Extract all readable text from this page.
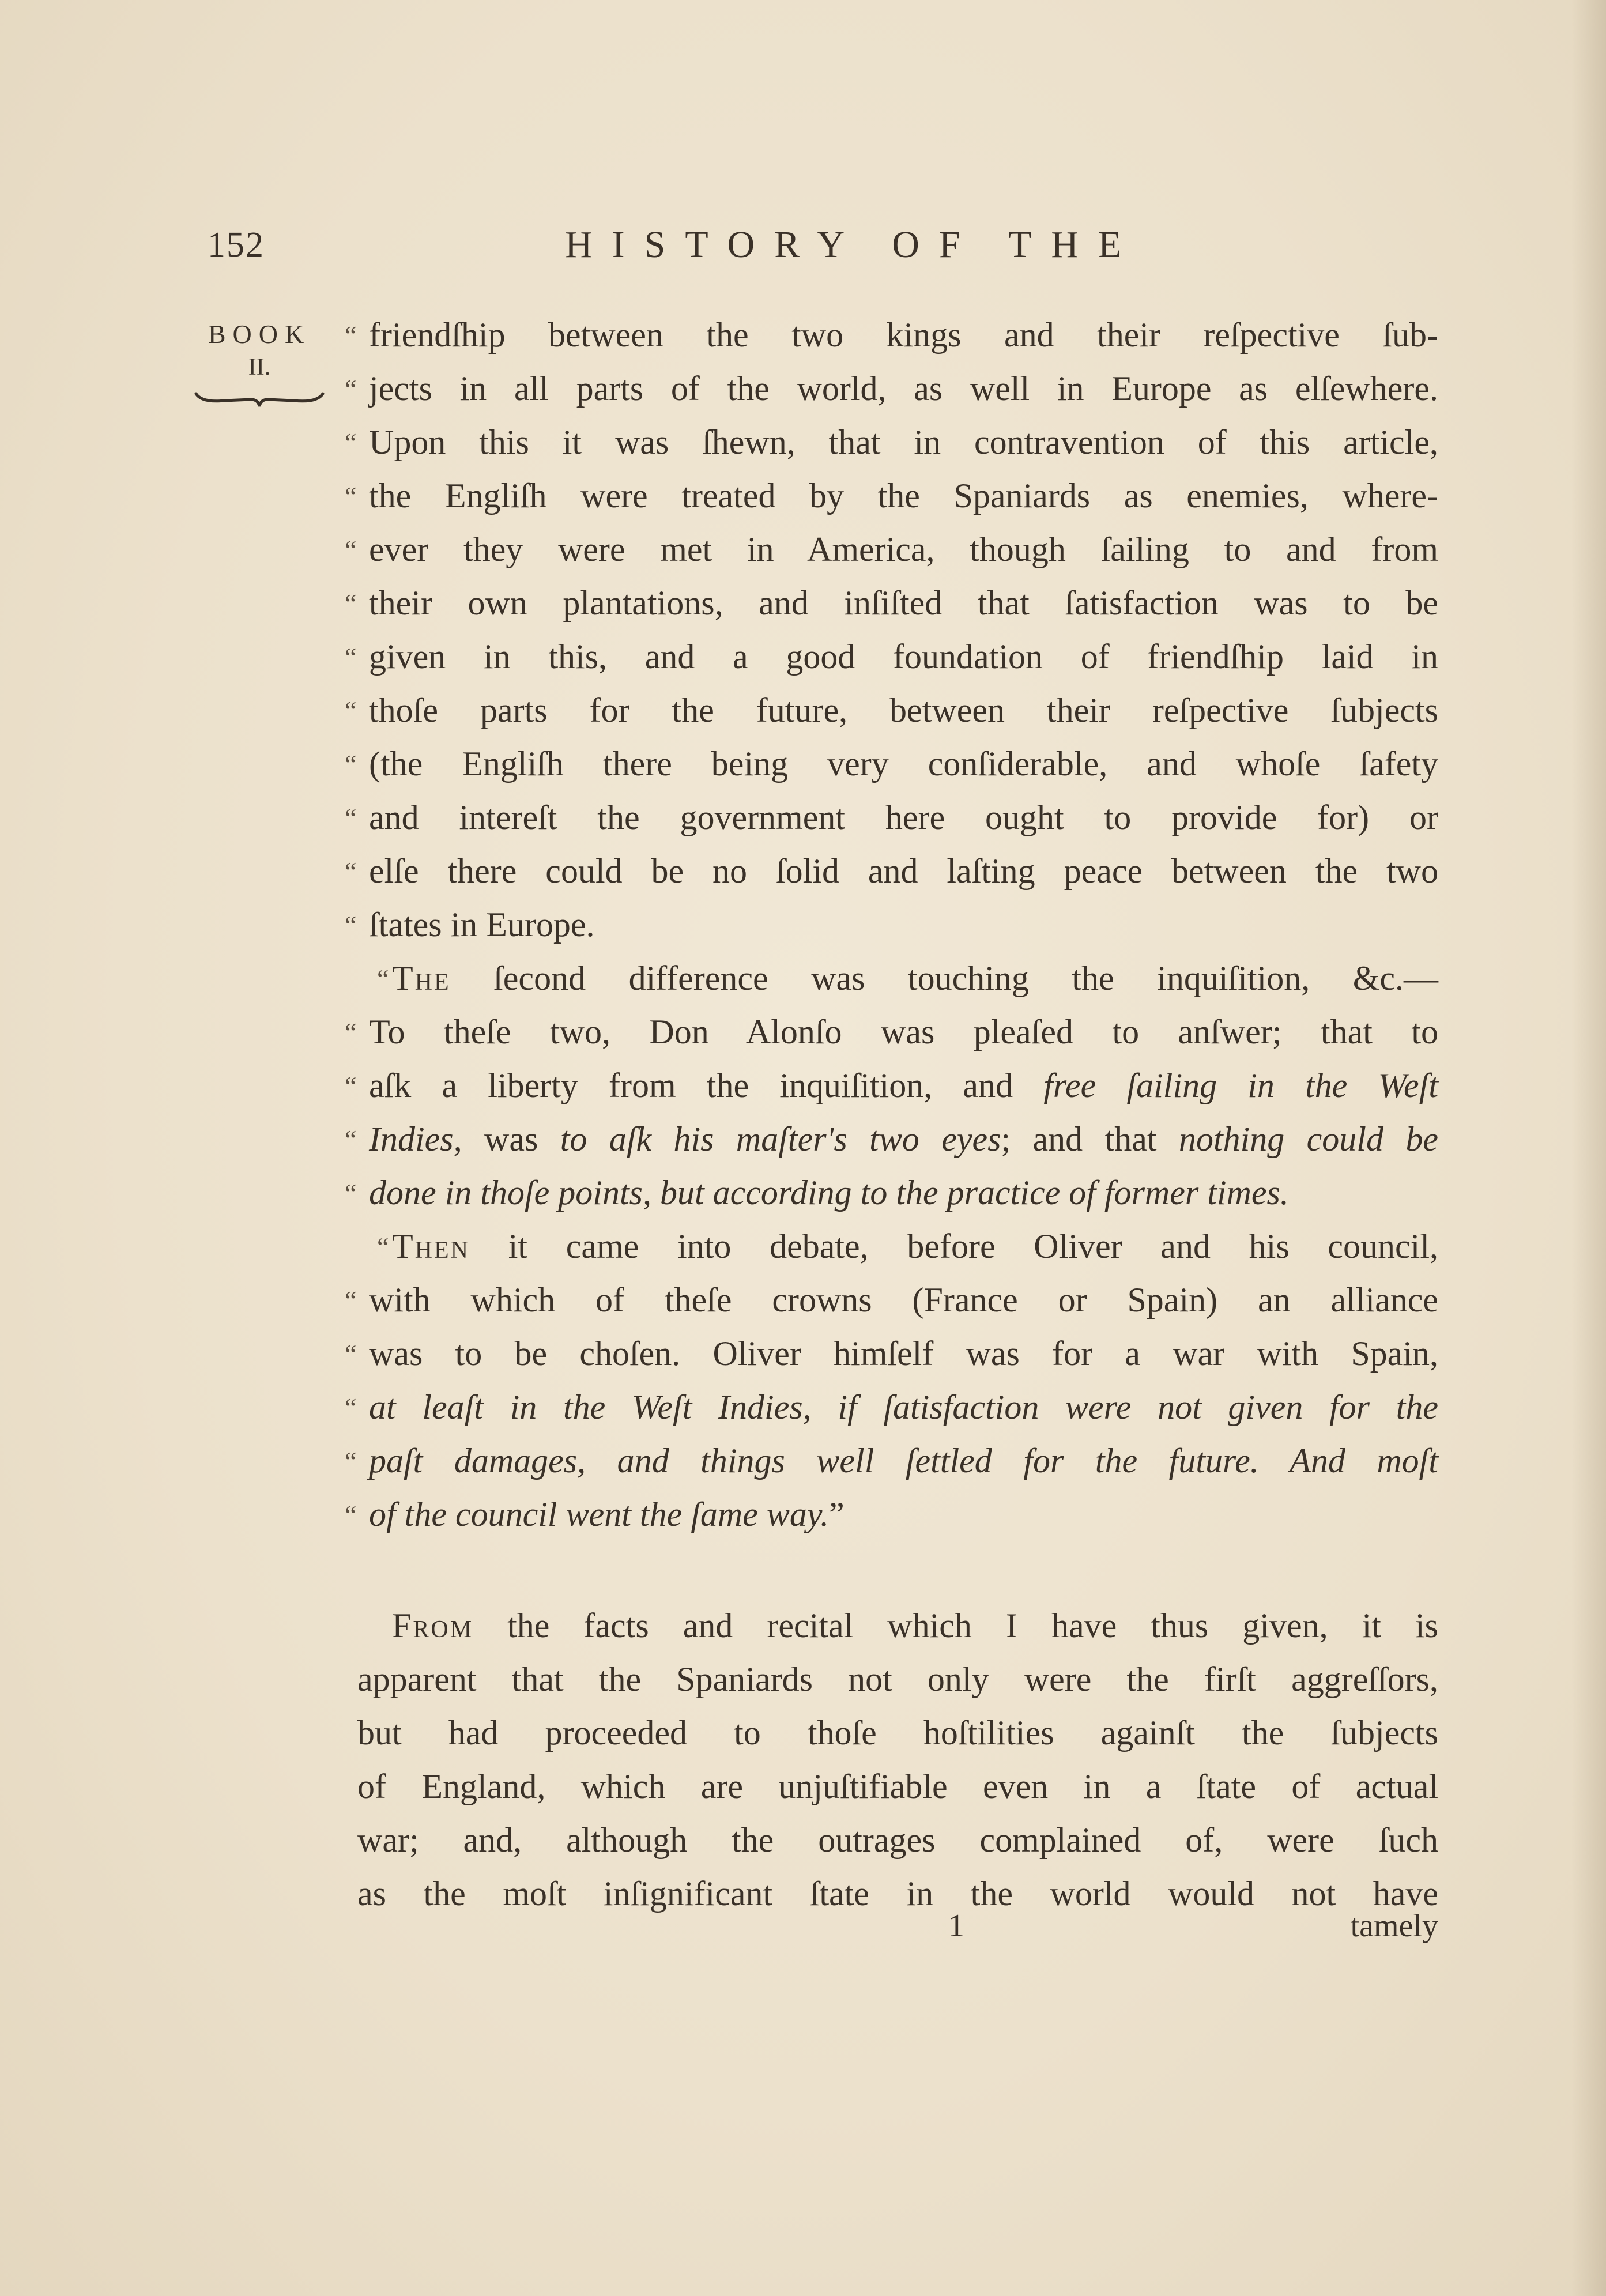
152	HISTORY OF THE
BOOK
II.
“ friendſhip between the two kings and their reſpective ſub-
“ jects in all parts of the world, as well in Europe as elſewhere.
“ Upon this it was ſhewn, that in contravention of this article,
“ the Engliſh were treated by the Spaniards as enemies, where-
“ ever they were met in America, though ſailing to and from
“ their own plantations, and inſiſted that ſatisfaction was to be
“ given in this, and a good foundation of friendſhip laid in
“ thoſe parts for the future, between their reſpective ſubjects
“ (the Engliſh there being very conſiderable, and whoſe ſafety
“ and intereſt the government here ought to provide for) or
“ elſe there could be no ſolid and laſting peace between the two
“ ſtates in Europe.
“ The ſecond difference was touching the inquiſition, &c.—
“ To theſe two, Don Alonſo was pleaſed to anſwer; that to
“ aſk a liberty from the inquiſition, and free ſailing in the Weſt
“ Indies, was to aſk his maſter's two eyes; and that nothing could be
“ done in thoſe points, but according to the practice of former times.
“ Then it came into debate, before Oliver and his council,
“ with which of theſe crowns (France or Spain) an alliance
“ was to be choſen. Oliver himſelf was for a war with Spain,
“ at leaſt in the Weſt Indies, if ſatisfaction were not given for the
“ paſt damages, and things well ſettled for the future. And moſt
“ of the council went the ſame way.”
From the facts and recital which I have thus given, it is
apparent that the Spaniards not only were the firſt aggreſſors,
but had proceeded to thoſe hoſtilities againſt the ſubjects
of England, which are unjuſtifiable even in a ſtate of actual
war; and, although the outrages complained of, were ſuch
as the moſt inſignificant ſtate in the world would not have
1	tamely
